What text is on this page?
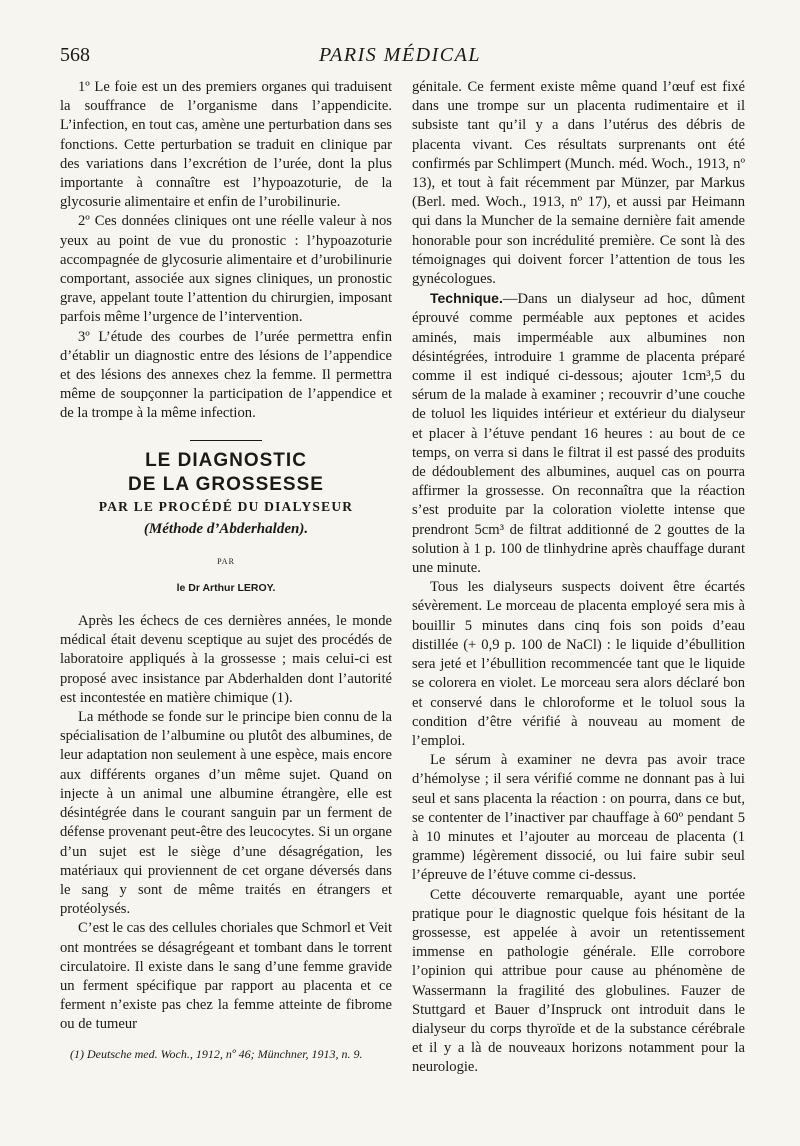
568	PARIS MÉDICAL

1º Le foie est un des premiers organes qui traduisent la souffrance de l’organisme dans l’appendicite. L’infection, en tout cas, amène une perturbation dans ses fonctions. Cette perturbation se traduit en clinique par des variations dans l’excrétion de l’urée, dont la plus importante à connaître est l’hypoazoturie, de la glycosurie alimentaire et enfin de l’urobilinurie.

2º Ces données cliniques ont une réelle valeur à nos yeux au point de vue du pronostic : l’hypoazoturie accompagnée de glycosurie alimentaire et d’urobilinurie comportant, associée aux signes cliniques, un pronostic grave, appelant toute l’attention du chirurgien, imposant parfois même l’urgence de l’intervention.

3º L’étude des courbes de l’urée permettra enfin d’établir un diagnostic entre des lésions de l’appendice et des lésions des annexes chez la femme. Il permettra même de soupçonner la participation de l’appendice et de la trompe à la même infection.

LE DIAGNOSTIC
DE LA GROSSESSE
PAR LE PROCÉDÉ DU DIALYSEUR
(Méthode d’Abderhalden).
PAR
le Dr Arthur LEROY.

Après les échecs de ces dernières années, le monde médical était devenu sceptique au sujet des procédés de laboratoire appliqués à la grossesse ; mais celui-ci est proposé avec insistance par Abderhalden dont l’autorité est incontestée en matière chimique (1).

La méthode se fonde sur le principe bien connu de la spécialisation de l’albumine ou plutôt des albumines, de leur adaptation non seulement à une espèce, mais encore aux différents organes d’un même sujet. Quand on injecte à un animal une albumine étrangère, elle est désintégrée dans le courant sanguin par un ferment de défense provenant peut-être des leucocytes. Si un organe d’un sujet est le siège d’une désagrégation, les matériaux qui proviennent de cet organe déversés dans le sang y sont de même traités en étrangers et protéolysés.

C’est le cas des cellules choriales que Schmorl et Veit ont montrées se désagrégeant et tombant dans le torrent circulatoire. Il existe dans le sang d’une femme gravide un ferment spécifique par rapport au placenta et ce ferment n’existe pas chez la femme atteinte de fibrome ou de tumeur

(1) Deutsche med. Woch., 1912, nº 46; Münchner, 1913, n. 9.

génitale. Ce ferment existe même quand l’œuf est fixé dans une trompe sur un placenta rudimentaire et il subsiste tant qu’il y a dans l’utérus des débris de placenta vivant. Ces résultats surprenants ont été confirmés par Schlimpert (Munch. méd. Woch., 1913, nº 13), et tout à fait récemment par Münzer, par Markus (Berl. med. Woch., 1913, nº 17), et aussi par Heimann qui dans la Muncher de la semaine dernière fait amende honorable pour son incrédulité première. Ce sont là des témoignages qui doivent forcer l’attention de tous les gynécologues.

Technique.—Dans un dialyseur ad hoc, dûment éprouvé comme perméable aux peptones et acides aminés, mais imperméable aux albumines non désintégrées, introduire 1 gramme de placenta préparé comme il est indiqué ci-dessous; ajouter 1cm³,5 du sérum de la malade à examiner ; recouvrir d’une couche de toluol les liquides intérieur et extérieur du dialyseur et placer à l’étuve pendant 16 heures : au bout de ce temps, on verra si dans le filtrat il est passé des produits de dédoublement des albumines, auquel cas on pourra affirmer la grossesse. On reconnaîtra que la réaction s’est produite par la coloration violette intense que prendront 5cm³ de filtrat additionné de 2 gouttes de la solution à 1 p. 100 de tlinhydrine après chauffage durant une minute.

Tous les dialyseurs suspects doivent être écartés sévèrement. Le morceau de placenta employé sera mis à bouillir 5 minutes dans cinq fois son poids d’eau distillée (+ 0,9 p. 100 de NaCl) : le liquide d’ébullition sera jeté et l’ébullition recommencée tant que le liquide se colorera en violet. Le morceau sera alors déclaré bon et conservé dans le chloroforme et le toluol sous la condition d’être vérifié à nouveau au moment de l’emploi.

Le sérum à examiner ne devra pas avoir trace d’hémolyse ; il sera vérifié comme ne donnant pas à lui seul et sans placenta la réaction : on pourra, dans ce but, se contenter de l’inactiver par chauffage à 60º pendant 5 à 10 minutes et l’ajouter au morceau de placenta (1 gramme) légèrement dissocié, ou lui faire subir seul l’épreuve de l’étuve comme ci-dessus.

Cette découverte remarquable, ayant une portée pratique pour le diagnostic quelque fois hésitant de la grossesse, est appelée à avoir un retentissement immense en pathologie générale. Elle corrobore l’opinion qui attribue pour cause au phénomène de Wassermann la fragilité des globulines. Fauzer de Stuttgard et Bauer d’Inspruck ont introduit dans le dialyseur du corps thyroïde et de la substance cérébrale et il y a là de nouveaux horizons notamment pour la neurologie.
